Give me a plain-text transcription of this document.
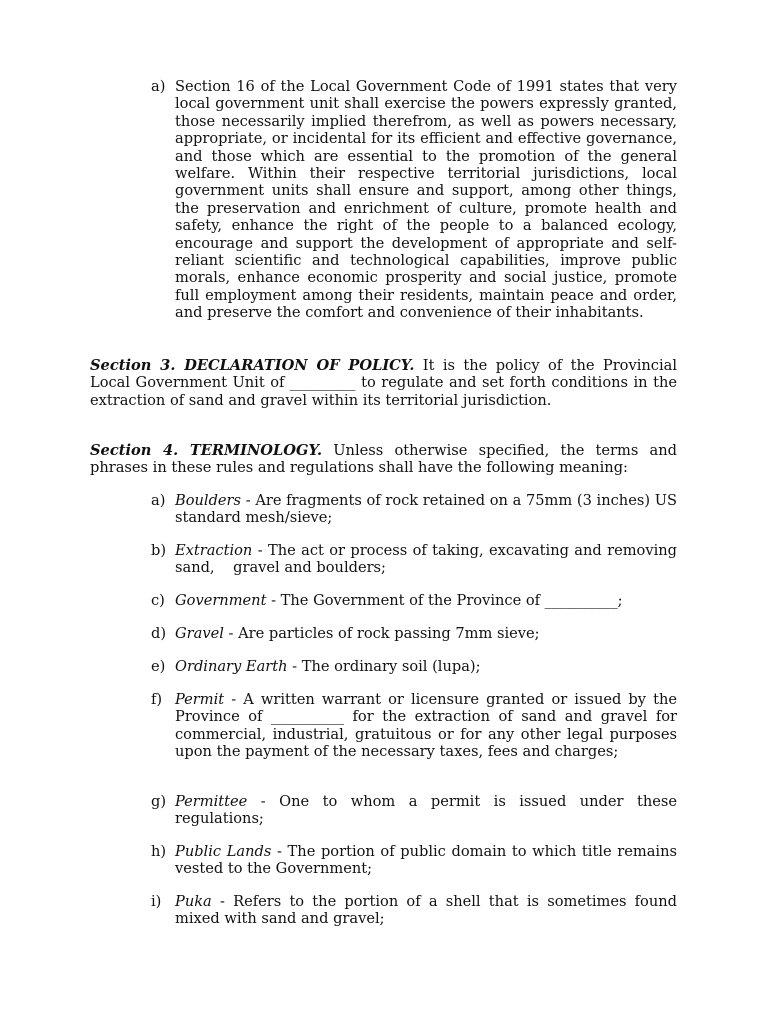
a) Section 16 of the Local Government Code of 1991 states that very local government unit shall exercise the powers expressly granted, those necessarily implied therefrom, as well as powers necessary, appropriate, or incidental for its efficient and effective governance, and those which are essential to the promotion of the general welfare. Within their respective territorial jurisdictions, local government units shall ensure and support, among other things, the preservation and enrichment of culture, promote health and safety, enhance the right of the people to a balanced ecology, encourage and support the development of appropriate and self-reliant scientific and technological capabilities, improve public morals, enhance economic prosperity and social justice, promote full employment among their residents, maintain peace and order, and preserve the comfort and convenience of their inhabitants.
Section 3. DECLARATION OF POLICY. It is the policy of the Provincial Local Government Unit of _________ to regulate and set forth conditions in the extraction of sand and gravel within its territorial jurisdiction.
Section 4. TERMINOLOGY. Unless otherwise specified, the terms and phrases in these rules and regulations shall have the following meaning:
a) Boulders - Are fragments of rock retained on a 75mm (3 inches) US standard mesh/sieve;
b) Extraction - The act or process of taking, excavating and removing sand,    gravel and boulders;
c) Government - The Government of the Province of __________;
d) Gravel - Are particles of rock passing 7mm sieve;
e) Ordinary Earth - The ordinary soil (lupa);
f) Permit - A written warrant or licensure granted or issued by the Province of __________ for the extraction of sand and gravel for commercial, industrial, gratuitous or for any other legal purposes upon the payment of the necessary taxes, fees and charges;
g) Permittee - One to whom a permit is issued under these regulations;
h) Public Lands - The portion of public domain to which title remains vested to the Government;
i) Puka - Refers to the portion of a shell that is sometimes found mixed with sand and gravel;
